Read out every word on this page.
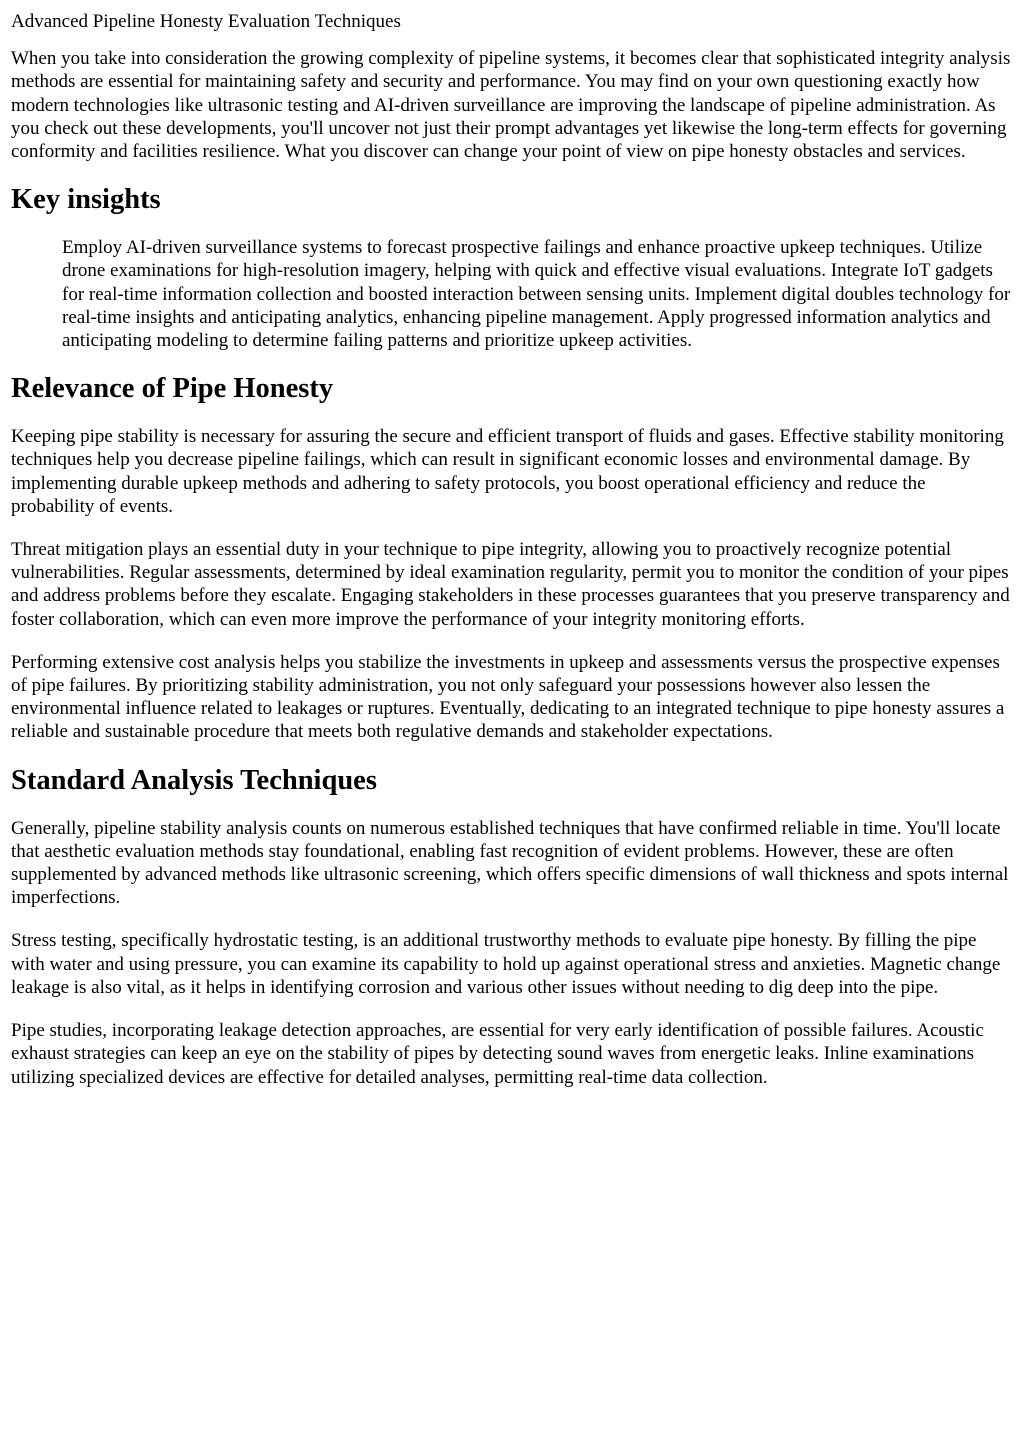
Advanced Pipeline Honesty Evaluation Techniques

When you take into consideration the growing complexity of pipeline systems, it becomes clear that sophisticated integrity analysis methods are essential for maintaining safety and security and performance. You may find on your own questioning exactly how modern technologies like ultrasonic testing and AI-driven surveillance are improving the landscape of pipeline administration. As you check out these developments, you'll uncover not just their prompt advantages yet likewise the long-term effects for governing conformity and facilities resilience. What you discover can change your point of view on pipe honesty obstacles and services.

Key insights

Employ AI-driven surveillance systems to forecast prospective failings and enhance proactive upkeep techniques. Utilize drone examinations for high-resolution imagery, helping with quick and effective visual evaluations. Integrate IoT gadgets for real-time information collection and boosted interaction between sensing units. Implement digital doubles technology for real-time insights and anticipating analytics, enhancing pipeline management. Apply progressed information analytics and anticipating modeling to determine failing patterns and prioritize upkeep activities.

Relevance of Pipe Honesty

Keeping pipe stability is necessary for assuring the secure and efficient transport of fluids and gases. Effective stability monitoring techniques help you decrease pipeline failings, which can result in significant economic losses and environmental damage. By implementing durable upkeep methods and adhering to safety protocols, you boost operational efficiency and reduce the probability of events.

Threat mitigation plays an essential duty in your technique to pipe integrity, allowing you to proactively recognize potential vulnerabilities. Regular assessments, determined by ideal examination regularity, permit you to monitor the condition of your pipes and address problems before they escalate. Engaging stakeholders in these processes guarantees that you preserve transparency and foster collaboration, which can even more improve the performance of your integrity monitoring efforts.

Performing extensive cost analysis helps you stabilize the investments in upkeep and assessments versus the prospective expenses of pipe failures. By prioritizing stability administration, you not only safeguard your possessions however also lessen the environmental influence related to leakages or ruptures. Eventually, dedicating to an integrated technique to pipe honesty assures a reliable and sustainable procedure that meets both regulative demands and stakeholder expectations.

Standard Analysis Techniques

Generally, pipeline stability analysis counts on numerous established techniques that have confirmed reliable in time. You'll locate that aesthetic evaluation methods stay foundational, enabling fast recognition of evident problems. However, these are often supplemented by advanced methods like ultrasonic screening, which offers specific dimensions of wall thickness and spots internal imperfections.

Stress testing, specifically hydrostatic testing, is an additional trustworthy methods to evaluate pipe honesty. By filling the pipe with water and using pressure, you can examine its capability to hold up against operational stress and anxieties. Magnetic change leakage is also vital, as it helps in identifying corrosion and various other issues without needing to dig deep into the pipe.

Pipe studies, incorporating leakage detection approaches, are essential for very early identification of possible failures. Acoustic exhaust strategies can keep an eye on the stability of pipes by detecting sound waves from energetic leaks. Inline examinations utilizing specialized devices are effective for detailed analyses, permitting real-time data collection.
